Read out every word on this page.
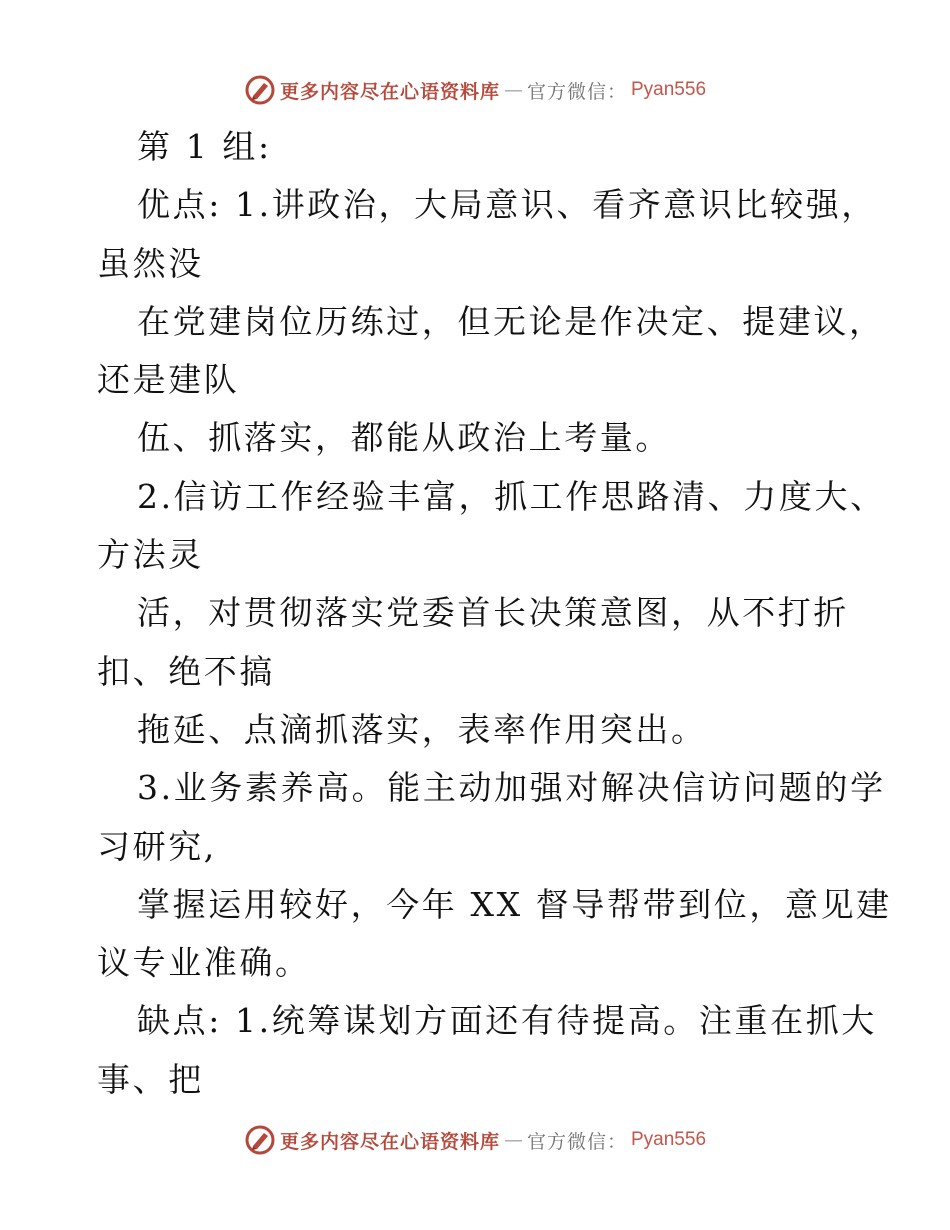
更多内容尽在心语资料库 — 官方微信： Pyan556
第 1 组:
优点: 1.讲政治，大局意识、看齐意识比较强，
虽然没
在党建岗位历练过，但无论是作决定、提建议，
还是建队
伍、抓落实，都能从政治上考量。
2.信访工作经验丰富，抓工作思路清、力度大、
方法灵
活，对贯彻落实党委首长决策意图，从不打折
扣、绝不搞
拖延、点滴抓落实，表率作用突出。
3.业务素养高。能主动加强对解决信访问题的学
习研究,
掌握运用较好，今年 XX 督导帮带到位，意见建
议专业准确。
缺点: 1.统筹谋划方面还有待提高。注重在抓大
事、把
更多内容尽在心语资料库 — 官方微信： Pyan556
